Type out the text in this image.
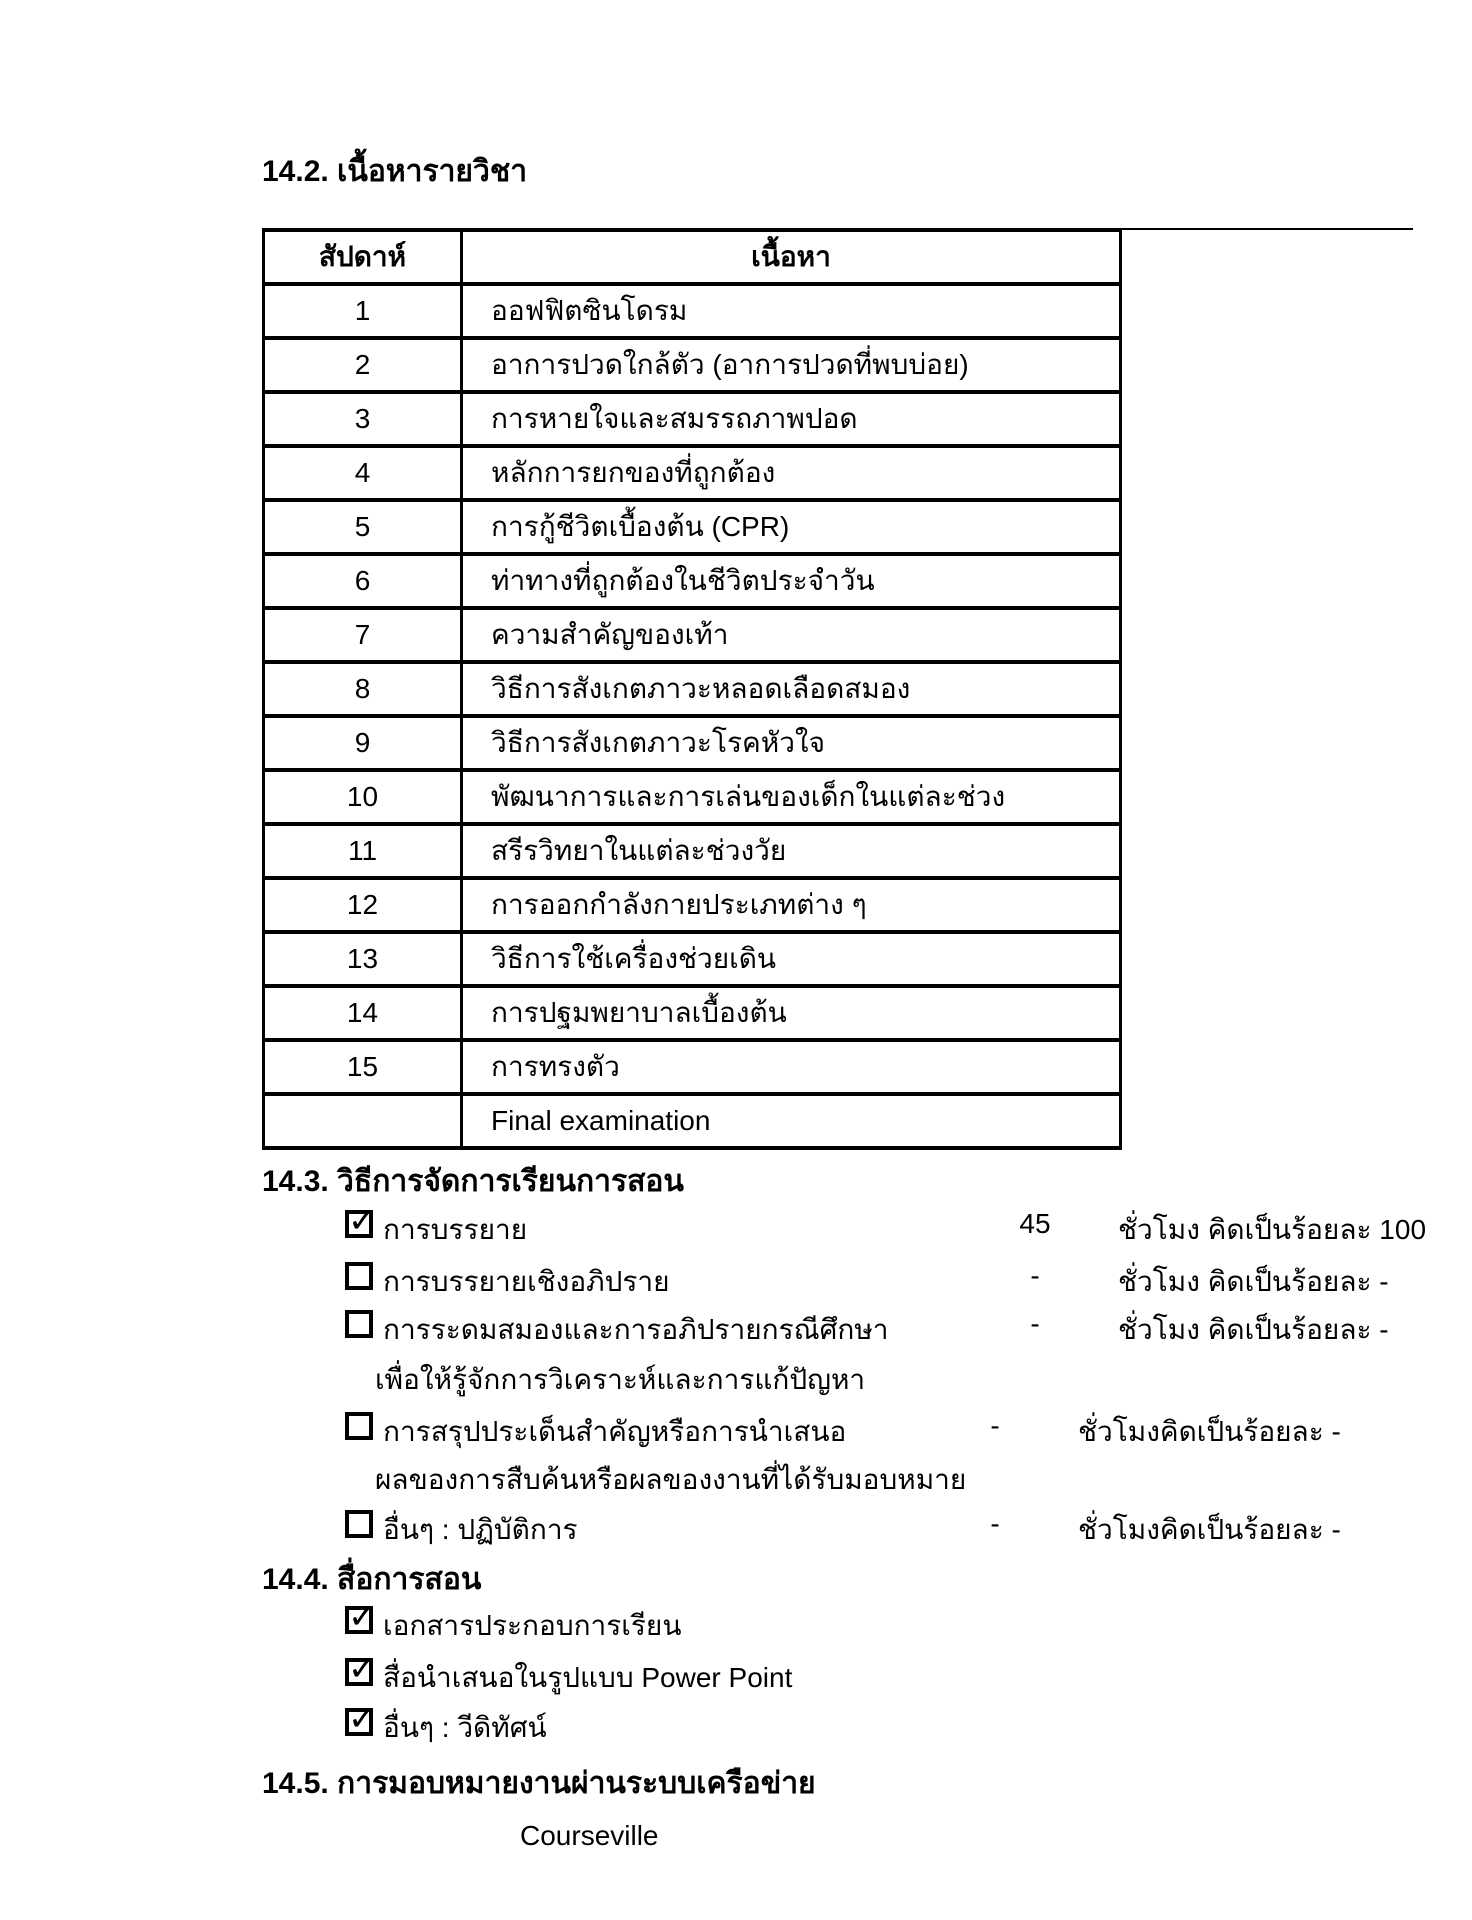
14.2. เนื้อหารายวิชา
สัปดาห์	เนื้อหา
1	ออฟฟิตซินโดรม
2	อาการปวดใกล้ตัว (อาการปวดที่พบบ่อย)
3	การหายใจและสมรรถภาพปอด
4	หลักการยกของที่ถูกต้อง
5	การกู้ชีวิตเบื้องต้น (CPR)
6	ท่าทางที่ถูกต้องในชีวิตประจำวัน
7	ความสำคัญของเท้า
8	วิธีการสังเกตภาวะหลอดเลือดสมอง
9	วิธีการสังเกตภาวะโรคหัวใจ
10	พัฒนาการและการเล่นของเด็กในแต่ละช่วง
11	สรีรวิทยาในแต่ละช่วงวัย
12	การออกกำลังกายประเภทต่าง ๆ
13	วิธีการใช้เครื่องช่วยเดิน
14	การปฐมพยาบาลเบื้องต้น
15	การทรงตัว
	Final examination
14.3. วิธีการจัดการเรียนการสอน
✓ การบรรยาย	45	ชั่วโมง คิดเป็นร้อยละ 100
การบรรยายเชิงอภิปราย	-	ชั่วโมง คิดเป็นร้อยละ -
การระดมสมองและการอภิปรายกรณีศึกษา	-	ชั่วโมง คิดเป็นร้อยละ -
เพื่อให้รู้จักการวิเคราะห์และการแก้ปัญหา
การสรุปประเด็นสำคัญหรือการนำเสนอ	-	ชั่วโมงคิดเป็นร้อยละ -
ผลของการสืบค้นหรือผลของงานที่ได้รับมอบหมาย
อื่นๆ : ปฏิบัติการ	-	ชั่วโมงคิดเป็นร้อยละ -
14.4. สื่อการสอน
✓ เอกสารประกอบการเรียน
✓ สื่อนำเสนอในรูปแบบ Power Point
✓ อื่นๆ : วีดิทัศน์
14.5. การมอบหมายงานผ่านระบบเครือข่าย
Courseville
